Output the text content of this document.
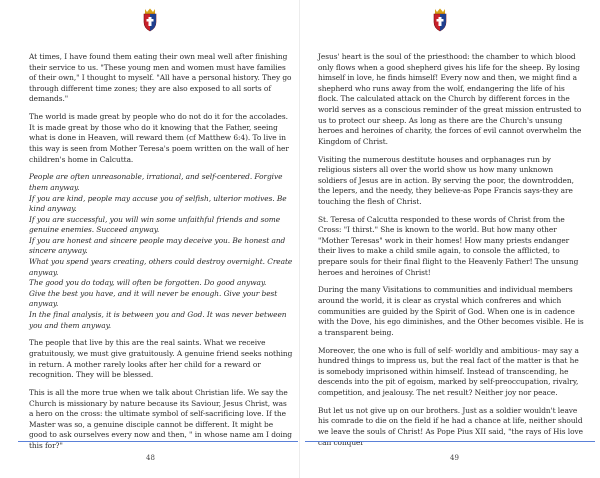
At times, I have found them eating their own meal well after finishing their service to us. "These young men and women must have families of their own," I thought to myself. "All have a personal history. They go through different time zones; they are also exposed to all sorts of demands."

The world is made great by people who do not do it for the accolades. It is made great by those who do it knowing that the Father, seeing what is done in Heaven, will reward them (cf Matthew 6:4). To live in this way is seen from Mother Teresa's poem written on the wall of her children's home in Calcutta.

People are often unreasonable, irrational, and self-centered. Forgive them anyway.

If you are kind, people may accuse you of selfish, ulterior motives. Be kind anyway.

If you are successful, you will win some unfaithful friends and some genuine enemies. Succeed anyway.

If you are honest and sincere people may deceive you. Be honest and sincere anyway.

What you spend years creating, others could destroy overnight. Create anyway.

The good you do today, will often be forgotten. Do good anyway.

Give the best you have, and it will never be enough. Give your best anyway.

In the final analysis, it is between you and God. It was never between you and them anyway.

The people that live by this are the real saints. What we receive gratuitously, we must give gratuitously. A genuine friend seeks nothing in return. A mother rarely looks after her child for a reward or recognition. They will be blessed.

This is all the more true when we talk about Christian life. We say the Church is missionary by nature because its Saviour, Jesus Christ, was a hero on the cross: the ultimate symbol of self-sacrificing love. If the Master was so, a genuine disciple cannot be different. It might be good to ask ourselves every now and then, " in whose name am I doing this for?"

48

Jesus' heart is the soul of the priesthood: the chamber to which blood only flows when a good shepherd gives his life for the sheep. By losing himself in love, he finds himself! Every now and then, we might find a shepherd who runs away from the wolf, endangering the life of his flock. The calculated attack on the Church by different forces in the world serves as a conscious reminder of the great mission entrusted to us to protect our sheep. As long as there are the Church's unsung heroes and heroines of charity, the forces of evil cannot overwhelm the Kingdom of Christ.

Visiting the numerous destitute houses and orphanages run by religious sisters all over the world show us how many unknown soldiers of Jesus are in action. By serving the poor, the downtrodden, the lepers, and the needy, they believe-as Pope Francis says-they are touching the flesh of Christ.

St. Teresa of Calcutta responded to these words of Christ from the Cross: "I thirst." She is known to the world. But how many other "Mother Teresas" work in their homes! How many priests endanger their lives to make a child smile again, to console the afflicted, to prepare souls for their final flight to the Heavenly Father! The unsung heroes and heroines of Christ!

During the many Visitations to communities and individual members around the world, it is clear as crystal which confreres and which communities are guided by the Spirit of God. When one is in cadence with the Dove, his ego diminishes, and the Other becomes visible. He is a transparent being.

Moreover, the one who is full of self- worldly and ambitious- may say a hundred things to impress us, but the real fact of the matter is that he is somebody imprisoned within himself. Instead of transcending, he descends into the pit of egoism, marked by self-preoccupation, rivalry, competition, and jealousy. The net result? Neither joy nor peace.

But let us not give up on our brothers. Just as a soldier wouldn't leave his comrade to die on the field if he had a chance at life, neither should we leave the souls of Christ! As Pope Pius XII said, "the rays of His love can conquer

49
